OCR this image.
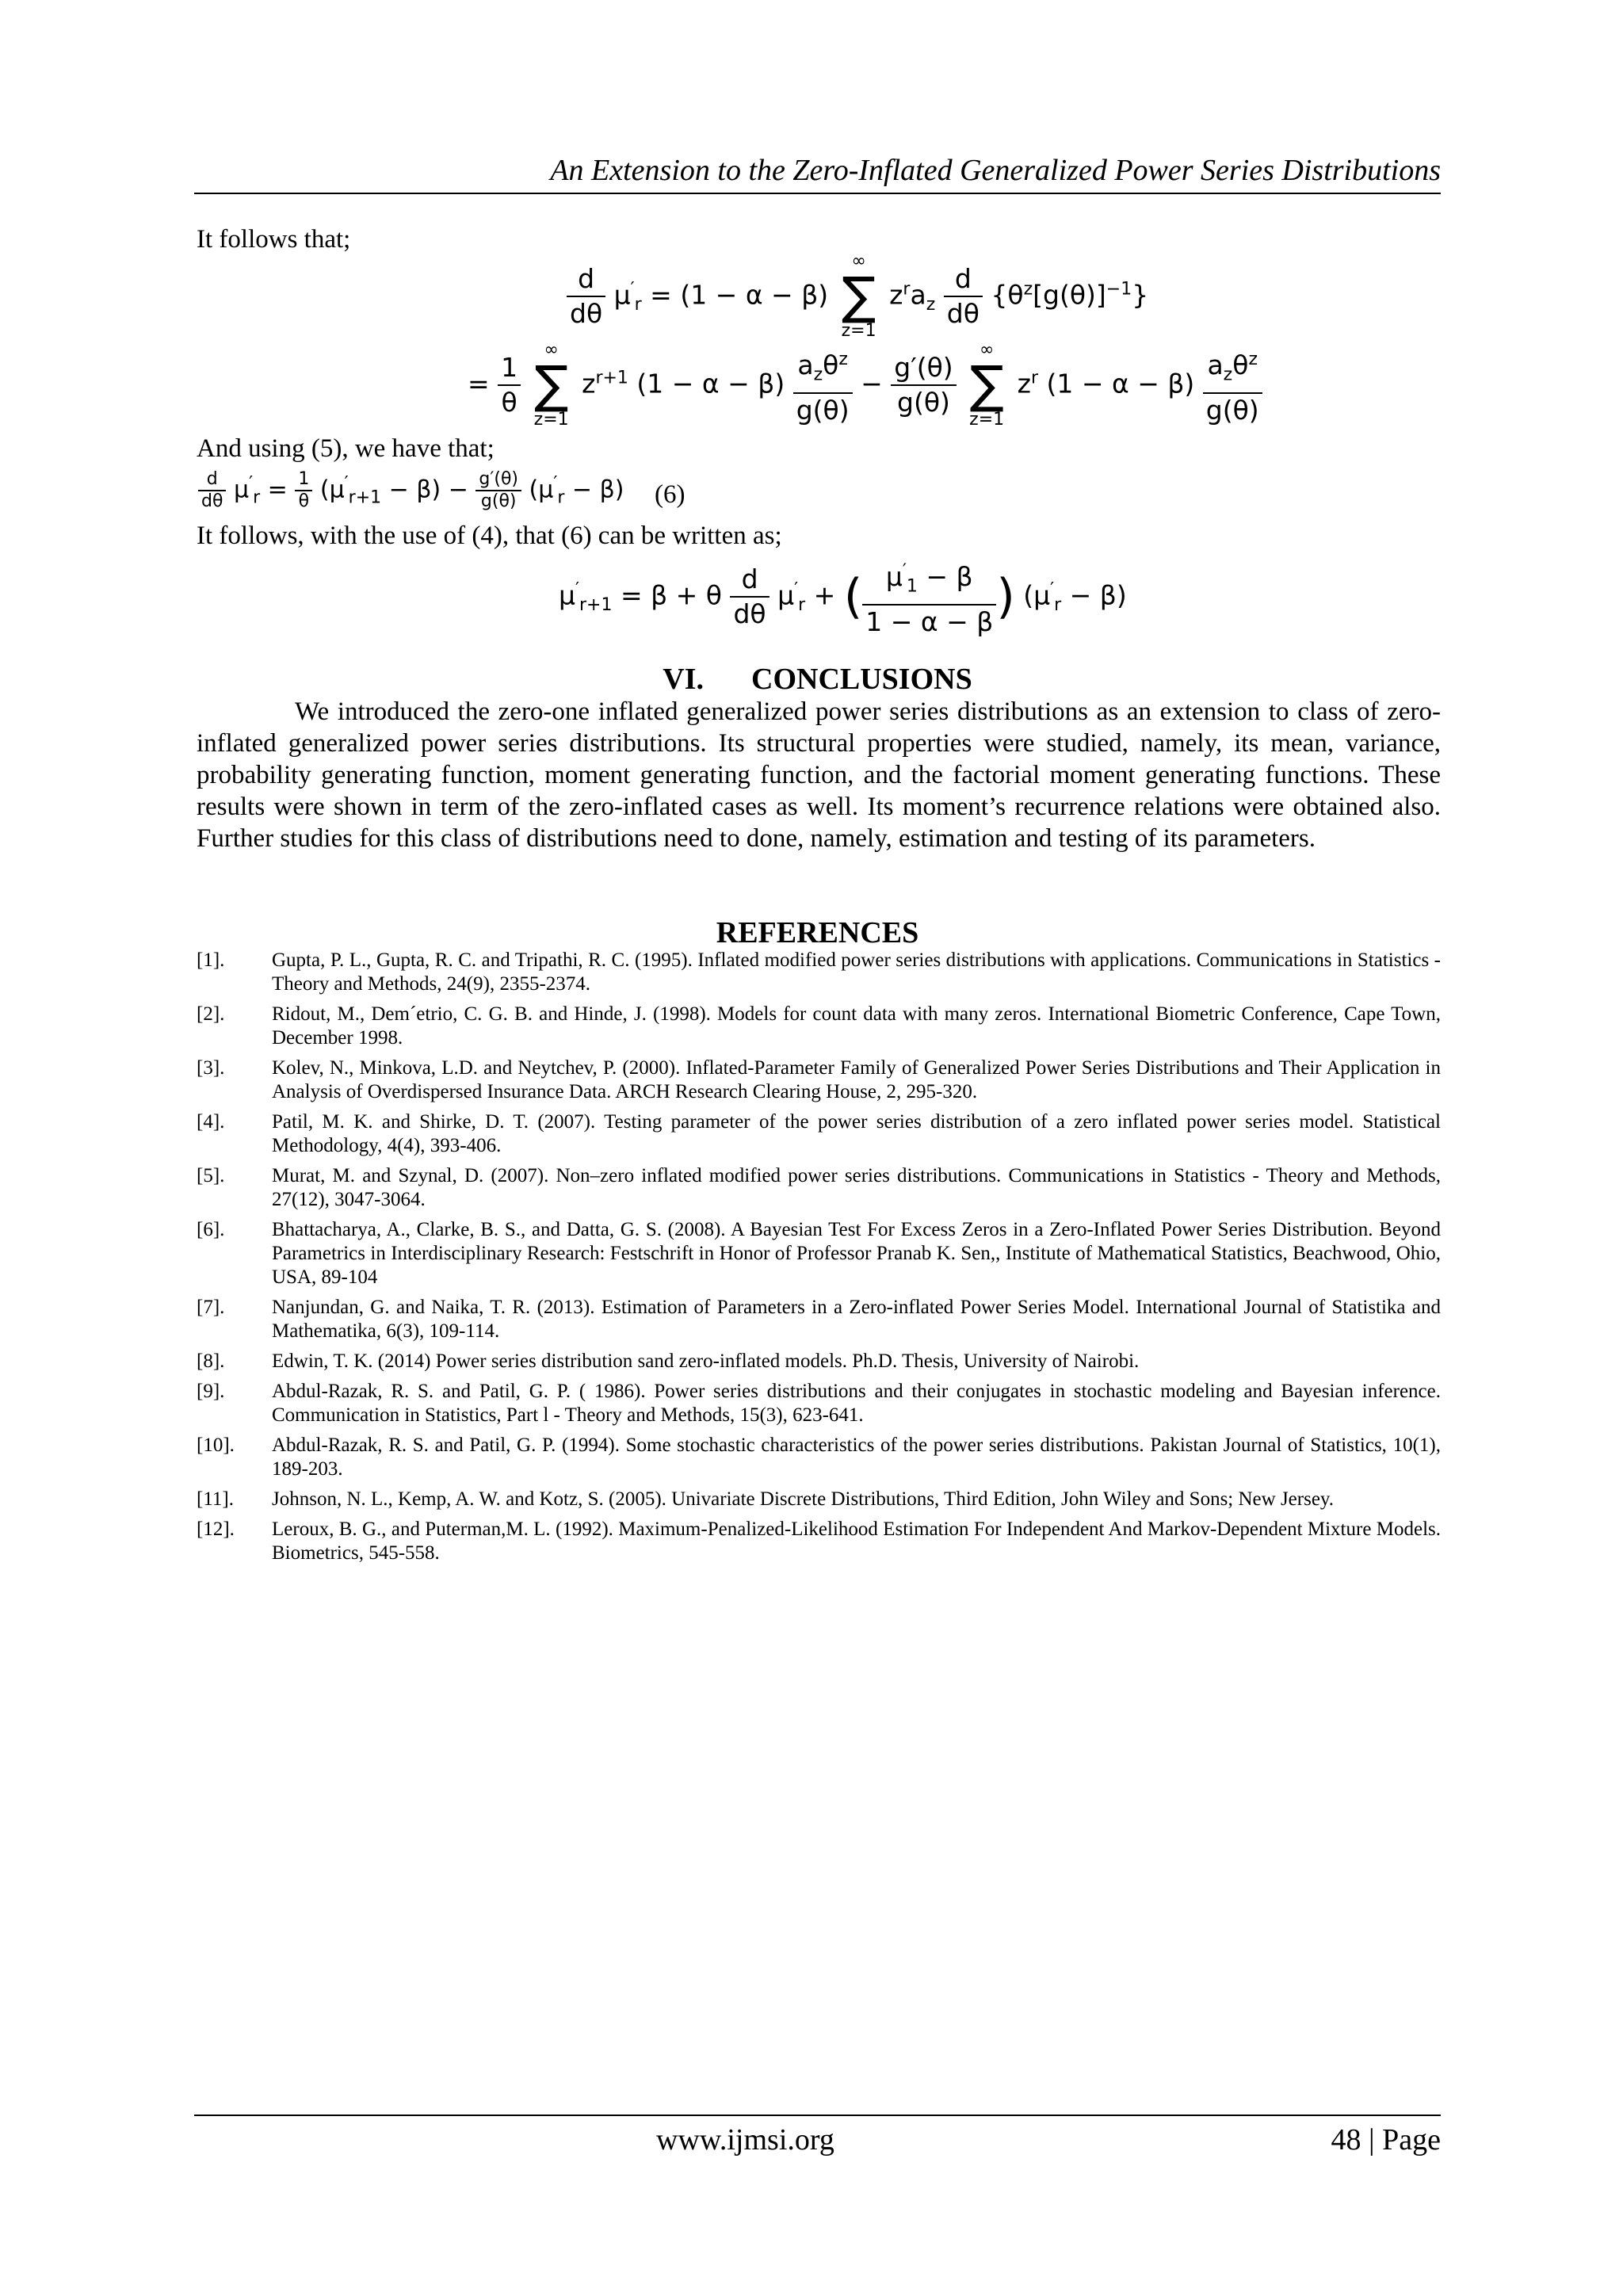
An Extension to the Zero-Inflated Generalized Power Series Distributions
It follows that;
$\frac{d}{d\theta} \mu'_r = (1 - \alpha - \beta)$
∞
∑
z=1
$z^ra_z \frac{d}{d\theta} \{\theta^z[g(\theta)]^{-1}\}$
= $\frac{1}{\theta}$

∞
∑
z=1
$z^{r+1}$ $(1 - \alpha - \beta) \frac{a_z\theta^z}{g(\theta)} - \frac{g'(\theta)}{g(\theta)}$

∞
∑
z=1
$z^r$ $(1 - \alpha - \beta) \frac{a_z\theta^z}{g(\theta)}$
And using (5), we have that;
$\frac{d}{d\theta} \mu'_r = \frac{1}{\theta} (\mu'_{r+1} - \beta) - \frac{g'(\theta)}{g(\theta)} (\mu'_r - \beta)$ (6)
It follows, with the use of (4), that (6) can be written as;
$\mu'_{r+1} = \beta + \theta \frac{d}{d\theta} \mu'_r$ + ( $\frac{\mu'_1 - \beta}{1 - \alpha - \beta}$ ) $(\mu'_r - \beta)$
VI. CONCLUSIONS
We introduced the zero-one inflated generalized power series distributions as an extension to class of zero-inflated generalized power series distributions. Its structural properties were studied, namely, its mean, variance, probability generating function, moment generating function, and the factorial moment generating functions. These results were shown in term of the zero-inflated cases as well. Its moment’s recurrence relations were obtained also. Further studies for this class of distributions need to done, namely, estimation and testing of its parameters.
REFERENCES
[1].	Gupta, P. L., Gupta, R. C. and Tripathi, R. C. (1995). Inflated modified power series distributions with applications. Communications in Statistics - Theory and Methods, 24(9), 2355-2374.
[2].	Ridout, M., Dem´etrio, C. G. B. and Hinde, J. (1998). Models for count data with many zeros. International Biometric Conference, Cape Town, December 1998.
[3].	Kolev, N., Minkova, L.D. and Neytchev, P. (2000). Inflated-Parameter Family of Generalized Power Series Distributions and Their Application in Analysis of Overdispersed Insurance Data. ARCH Research Clearing House, 2, 295-320.
[4].	Patil, M. K. and Shirke, D. T. (2007). Testing parameter of the power series distribution of a zero inflated power series model. Statistical Methodology, 4(4), 393-406.
[5].	Murat, M. and Szynal, D. (2007). Non–zero inflated modified power series distributions. Communications in Statistics - Theory and Methods, 27(12), 3047-3064.
[6].	Bhattacharya, A., Clarke, B. S., and Datta, G. S. (2008). A Bayesian Test For Excess Zeros in a Zero-Inflated Power Series Distribution. Beyond Parametrics in Interdisciplinary Research: Festschrift in Honor of Professor Pranab K. Sen,, Institute of Mathematical Statistics, Beachwood, Ohio, USA, 89-104
[7].	Nanjundan, G. and Naika, T. R. (2013). Estimation of Parameters in a Zero-inflated Power Series Model. International Journal of Statistika and Mathematika, 6(3), 109-114.
[8].	Edwin, T. K. (2014) Power series distribution sand zero-inflated models. Ph.D. Thesis, University of Nairobi.
[9].	Abdul-Razak, R. S. and Patil, G. P. ( 1986). Power series distributions and their conjugates in stochastic modeling and Bayesian inference. Communication in Statistics, Part l - Theory and Methods, 15(3), 623-641.
[10].	Abdul-Razak, R. S. and Patil, G. P. (1994). Some stochastic characteristics of the power series distributions. Pakistan Journal of Statistics, 10(1), 189-203.
[11].	Johnson, N. L., Kemp, A. W. and Kotz, S. (2005). Univariate Discrete Distributions, Third Edition, John Wiley and Sons; New Jersey.
[12].	Leroux, B. G., and Puterman,M. L. (1992). Maximum-Penalized-Likelihood Estimation For Independent And Markov-Dependent Mixture Models. Biometrics, 545-558.
www.ijmsi.org	48 | Page
